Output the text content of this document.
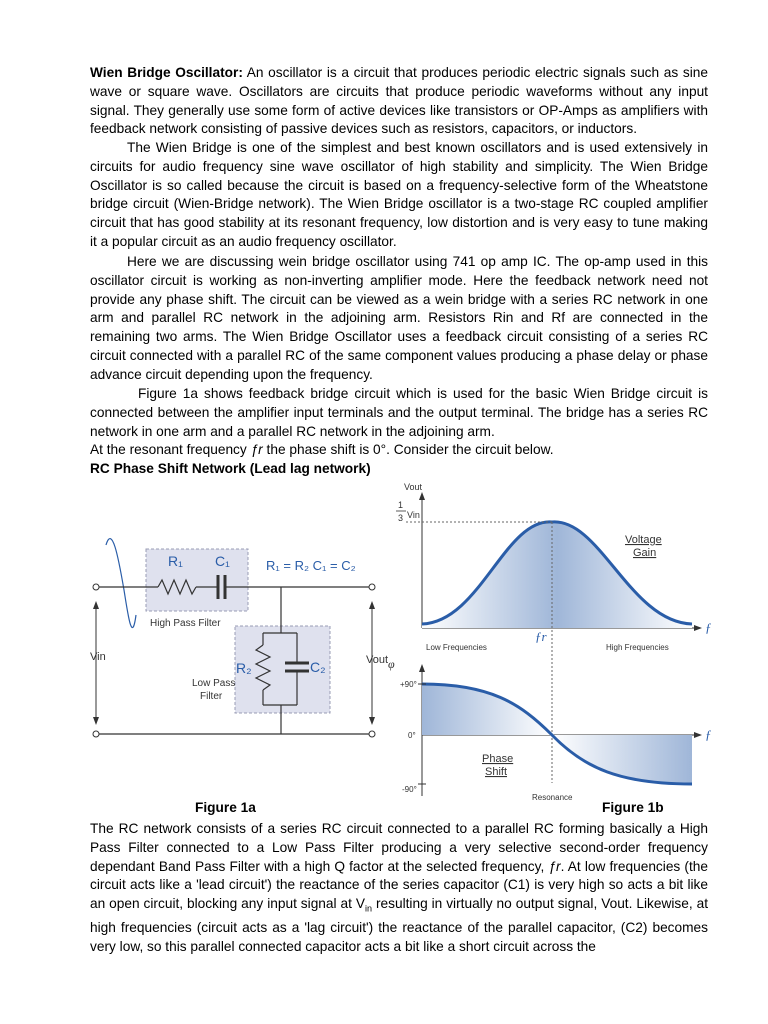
Wien Bridge Oscillator: An oscillator is a circuit that produces periodic electric signals such as sine wave or square wave. Oscillators are circuits that produce periodic waveforms without any input signal. They generally use some form of active devices like transistors or OP-Amps as amplifiers with feedback network consisting of passive devices such as resistors, capacitors, or inductors.

The Wien Bridge is one of the simplest and best known oscillators and is used extensively in circuits for audio frequency sine wave oscillator of high stability and simplicity. The Wien Bridge Oscillator is so called because the circuit is based on a frequency-selective form of the Wheatstone bridge circuit (Wien-Bridge network). The Wien Bridge oscillator is a two-stage RC coupled amplifier circuit that has good stability at its resonant frequency, low distortion and is very easy to tune making it a popular circuit as an audio frequency oscillator.

Here we are discussing wein bridge oscillator using 741 op amp IC. The op-amp used in this oscillator circuit is working as non-inverting amplifier mode. Here the feedback network need not provide any phase shift. The circuit can be viewed as a wein bridge with a series RC network in one arm and parallel RC network in the adjoining arm. Resistors Rin and Rf are connected in the remaining two arms. The Wien Bridge Oscillator uses a feedback circuit consisting of a series RC circuit connected with a parallel RC of the same component values producing a phase delay or phase advance circuit depending upon the frequency.

Figure 1a shows feedback bridge circuit which is used for the basic Wien Bridge circuit is connected between the amplifier input terminals and the output terminal. The bridge has a series RC network in one arm and a parallel RC network in the adjoining arm.

At the resonant frequency ƒr the phase shift is 0°. Consider the circuit below.

RC Phase Shift Network (Lead lag network)
R₁ C₁	R₁ = R₂ C₁ = C₂
High Pass Filter
R₂	C₂
Low Pass
Filter
Vin	Vout
Vout
1
3 Vin
Voltage
Gain
ƒr
ƒ
Low Frequencies	High Frequencies
φ
+90°
0°
-90°
ƒ
Phase
Shift
Resonance
Figure 1a	Figure 1b

The RC network consists of a series RC circuit connected to a parallel RC forming basically a High Pass Filter connected to a Low Pass Filter producing a very selective second-order frequency dependant Band Pass Filter with a high Q factor at the selected frequency, ƒr. At low frequencies (the circuit acts like a 'lead circuit') the reactance of the series capacitor (C1) is very high so acts a bit like an open circuit, blocking any input signal at $V_{in}$ resulting in virtually no output signal, Vout. Likewise, at high frequencies (circuit acts as a 'lag circuit') the reactance of the parallel capacitor, (C2) becomes very low, so this parallel connected capacitor acts a bit like a short circuit across the
